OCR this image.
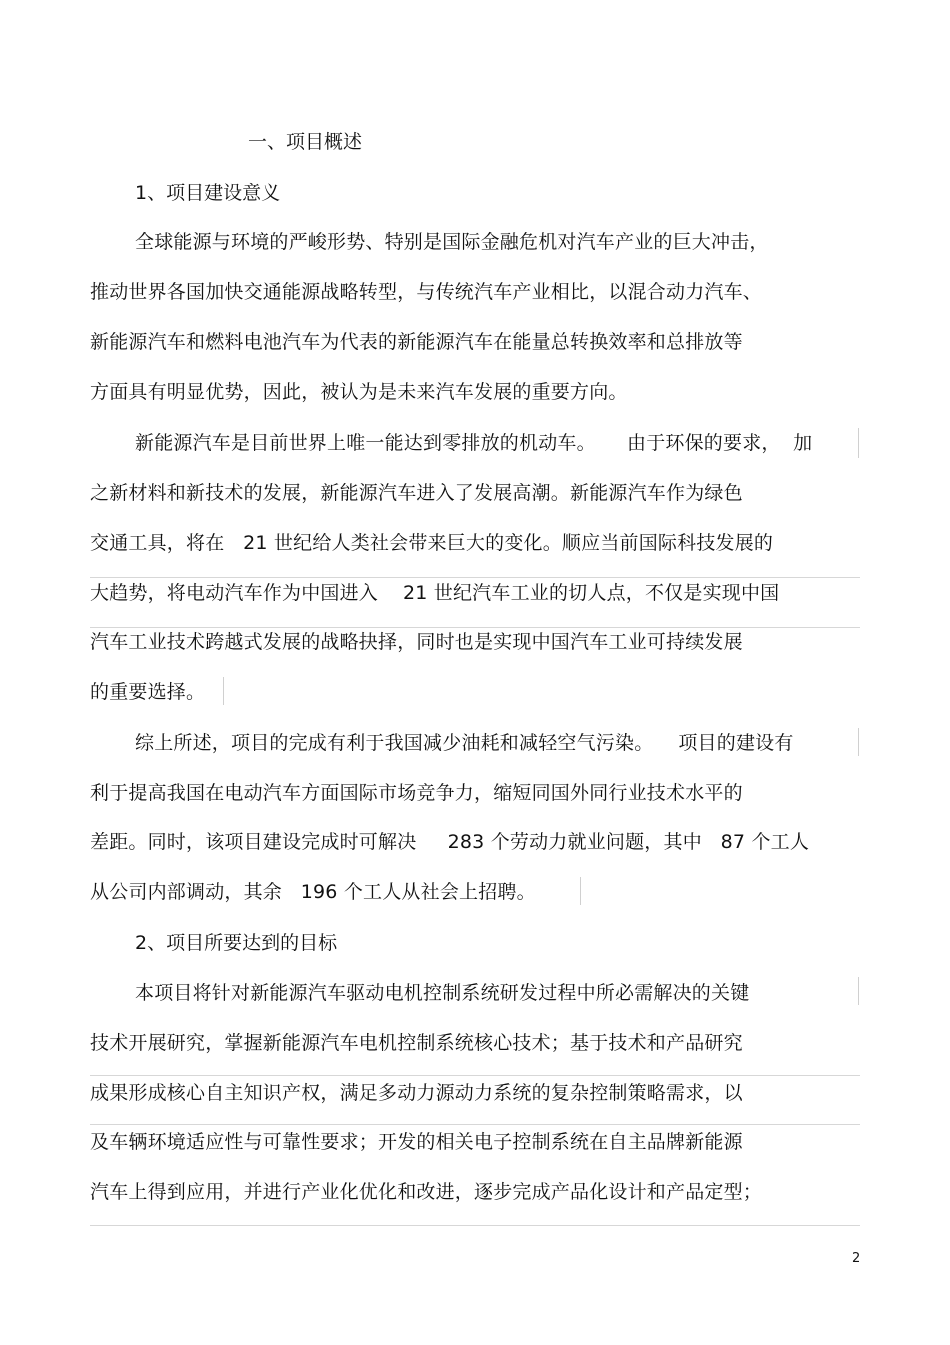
一、项目概述
1、项目建设意义
全球能源与环境的严峻形势、特别是国际金融危机对汽车产业的巨大冲击，
推动世界各国加快交通能源战略转型，与传统汽车产业相比，以混合动力汽车、
新能源汽车和燃料电池汽车为代表的新能源汽车在能量总转换效率和总排放等
方面具有明显优势，因此，被认为是未来汽车发展的重要方向。
新能源汽车是目前世界上唯一能达到零排放的机动车。     由于环保的要求，  加
之新材料和新技术的发展，新能源汽车进入了发展高潮。新能源汽车作为绿色
交通工具，将在   21 世纪给人类社会带来巨大的变化。顺应当前国际科技发展的
大趋势，将电动汽车作为中国进入    21 世纪汽车工业的切人点，不仅是实现中国
汽车工业技术跨越式发展的战略抉择，同时也是实现中国汽车工业可持续发展
的重要选择。
综上所述，项目的完成有利于我国减少油耗和减轻空气污染。    项目的建设有
利于提高我国在电动汽车方面国际市场竞争力，缩短同国外同行业技术水平的
差距。同时，该项目建设完成时可解决     283 个劳动力就业问题，其中   87 个工人
从公司内部调动，其余   196 个工人从社会上招聘。
2、项目所要达到的目标
本项目将针对新能源汽车驱动电机控制系统研发过程中所必需解决的关键
技术开展研究，掌握新能源汽车电机控制系统核心技术；基于技术和产品研究
成果形成核心自主知识产权，满足多动力源动力系统的复杂控制策略需求，以
及车辆环境适应性与可靠性要求；开发的相关电子控制系统在自主品牌新能源
汽车上得到应用，并进行产业化优化和改进，逐步完成产品化设计和产品定型；
2
